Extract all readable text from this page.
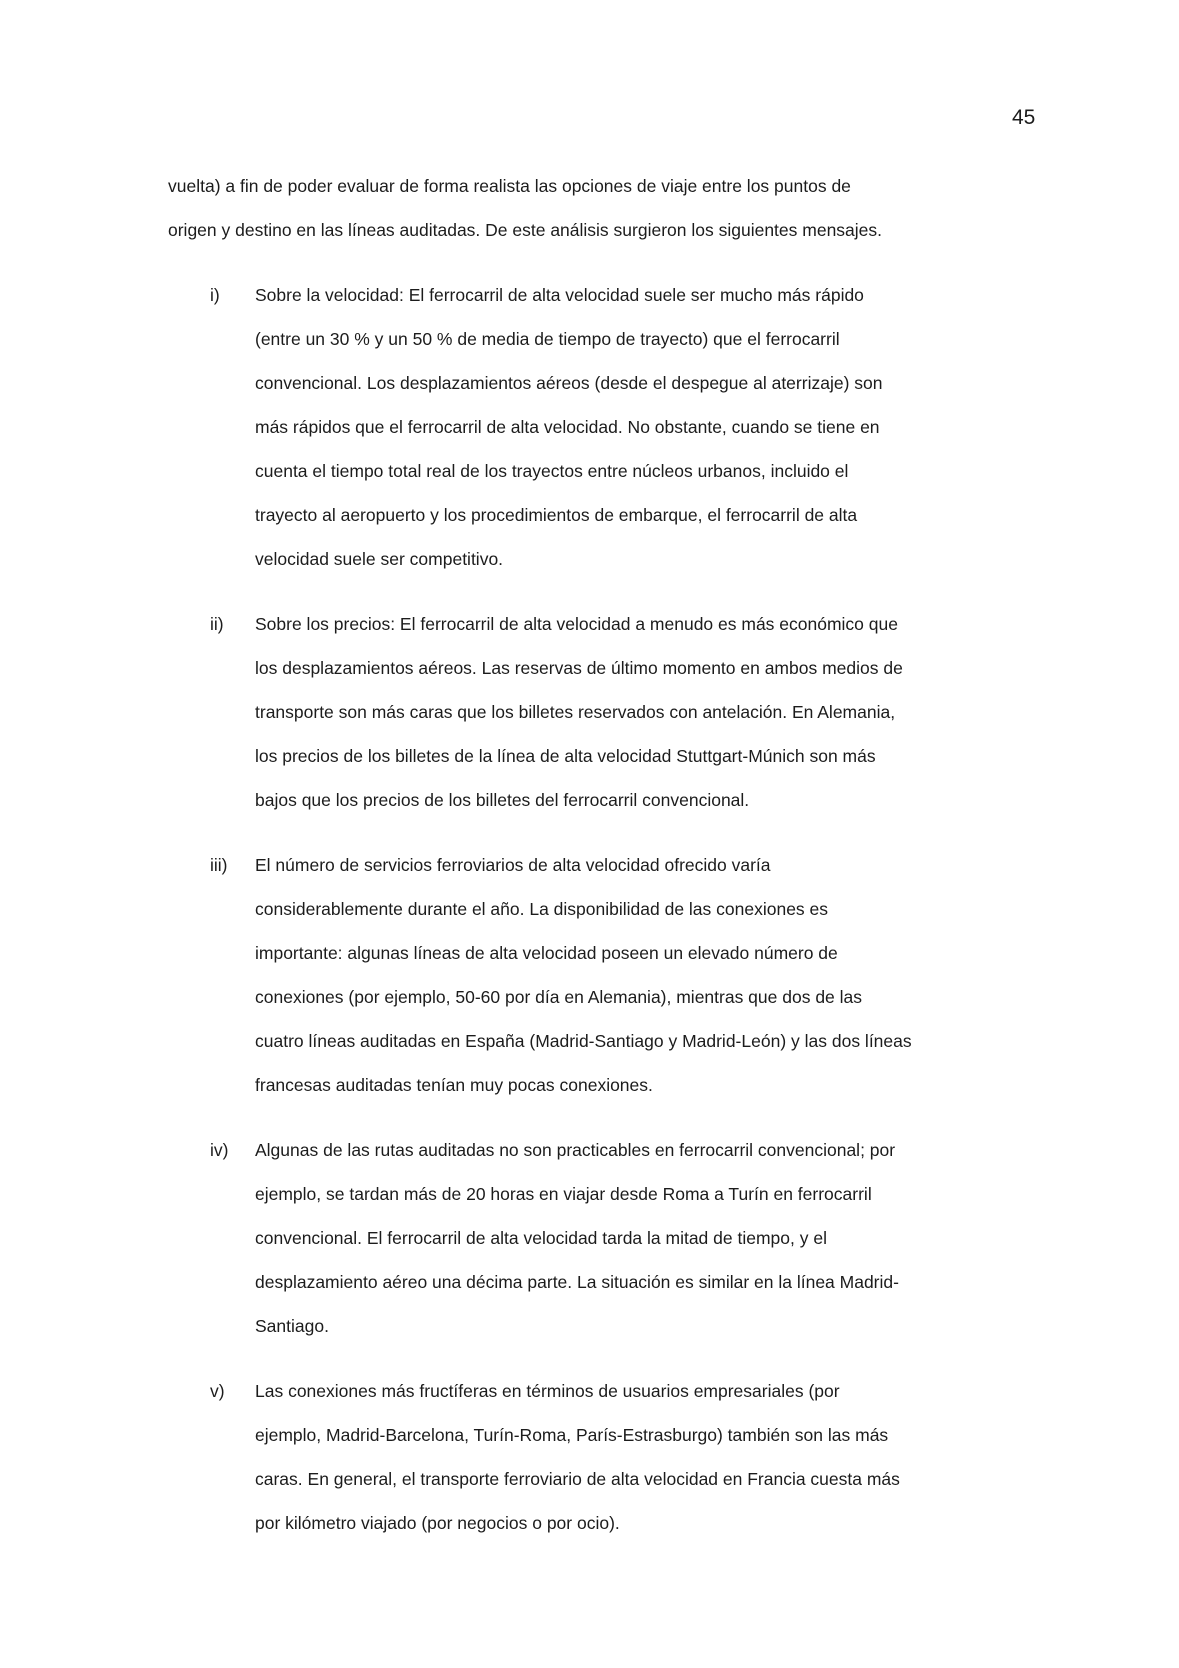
45
vuelta) a fin de poder evaluar de forma realista las opciones de viaje entre los puntos de
origen y destino en las líneas auditadas. De este análisis surgieron los siguientes mensajes.
i)	Sobre la velocidad: El ferrocarril de alta velocidad suele ser mucho más rápido
(entre un 30 % y un 50 % de media de tiempo de trayecto) que el ferrocarril
convencional. Los desplazamientos aéreos (desde el despegue al aterrizaje) son
más rápidos que el ferrocarril de alta velocidad. No obstante, cuando se tiene en
cuenta el tiempo total real de los trayectos entre núcleos urbanos, incluido el
trayecto al aeropuerto y los procedimientos de embarque, el ferrocarril de alta
velocidad suele ser competitivo.
ii)	Sobre los precios: El ferrocarril de alta velocidad a menudo es más económico que
los desplazamientos aéreos. Las reservas de último momento en ambos medios de
transporte son más caras que los billetes reservados con antelación. En Alemania,
los precios de los billetes de la línea de alta velocidad Stuttgart-Múnich son más
bajos que los precios de los billetes del ferrocarril convencional.
iii)	El número de servicios ferroviarios de alta velocidad ofrecido varía
considerablemente durante el año. La disponibilidad de las conexiones es
importante: algunas líneas de alta velocidad poseen un elevado número de
conexiones (por ejemplo, 50-60 por día en Alemania), mientras que dos de las
cuatro líneas auditadas en España (Madrid-Santiago y Madrid-León) y las dos líneas
francesas auditadas tenían muy pocas conexiones.
iv)	Algunas de las rutas auditadas no son practicables en ferrocarril convencional; por
ejemplo, se tardan más de 20 horas en viajar desde Roma a Turín en ferrocarril
convencional. El ferrocarril de alta velocidad tarda la mitad de tiempo, y el
desplazamiento aéreo una décima parte. La situación es similar en la línea Madrid-
Santiago.
v)	Las conexiones más fructíferas en términos de usuarios empresariales (por
ejemplo, Madrid-Barcelona, Turín-Roma, París-Estrasburgo) también son las más
caras. En general, el transporte ferroviario de alta velocidad en Francia cuesta más
por kilómetro viajado (por negocios o por ocio).
